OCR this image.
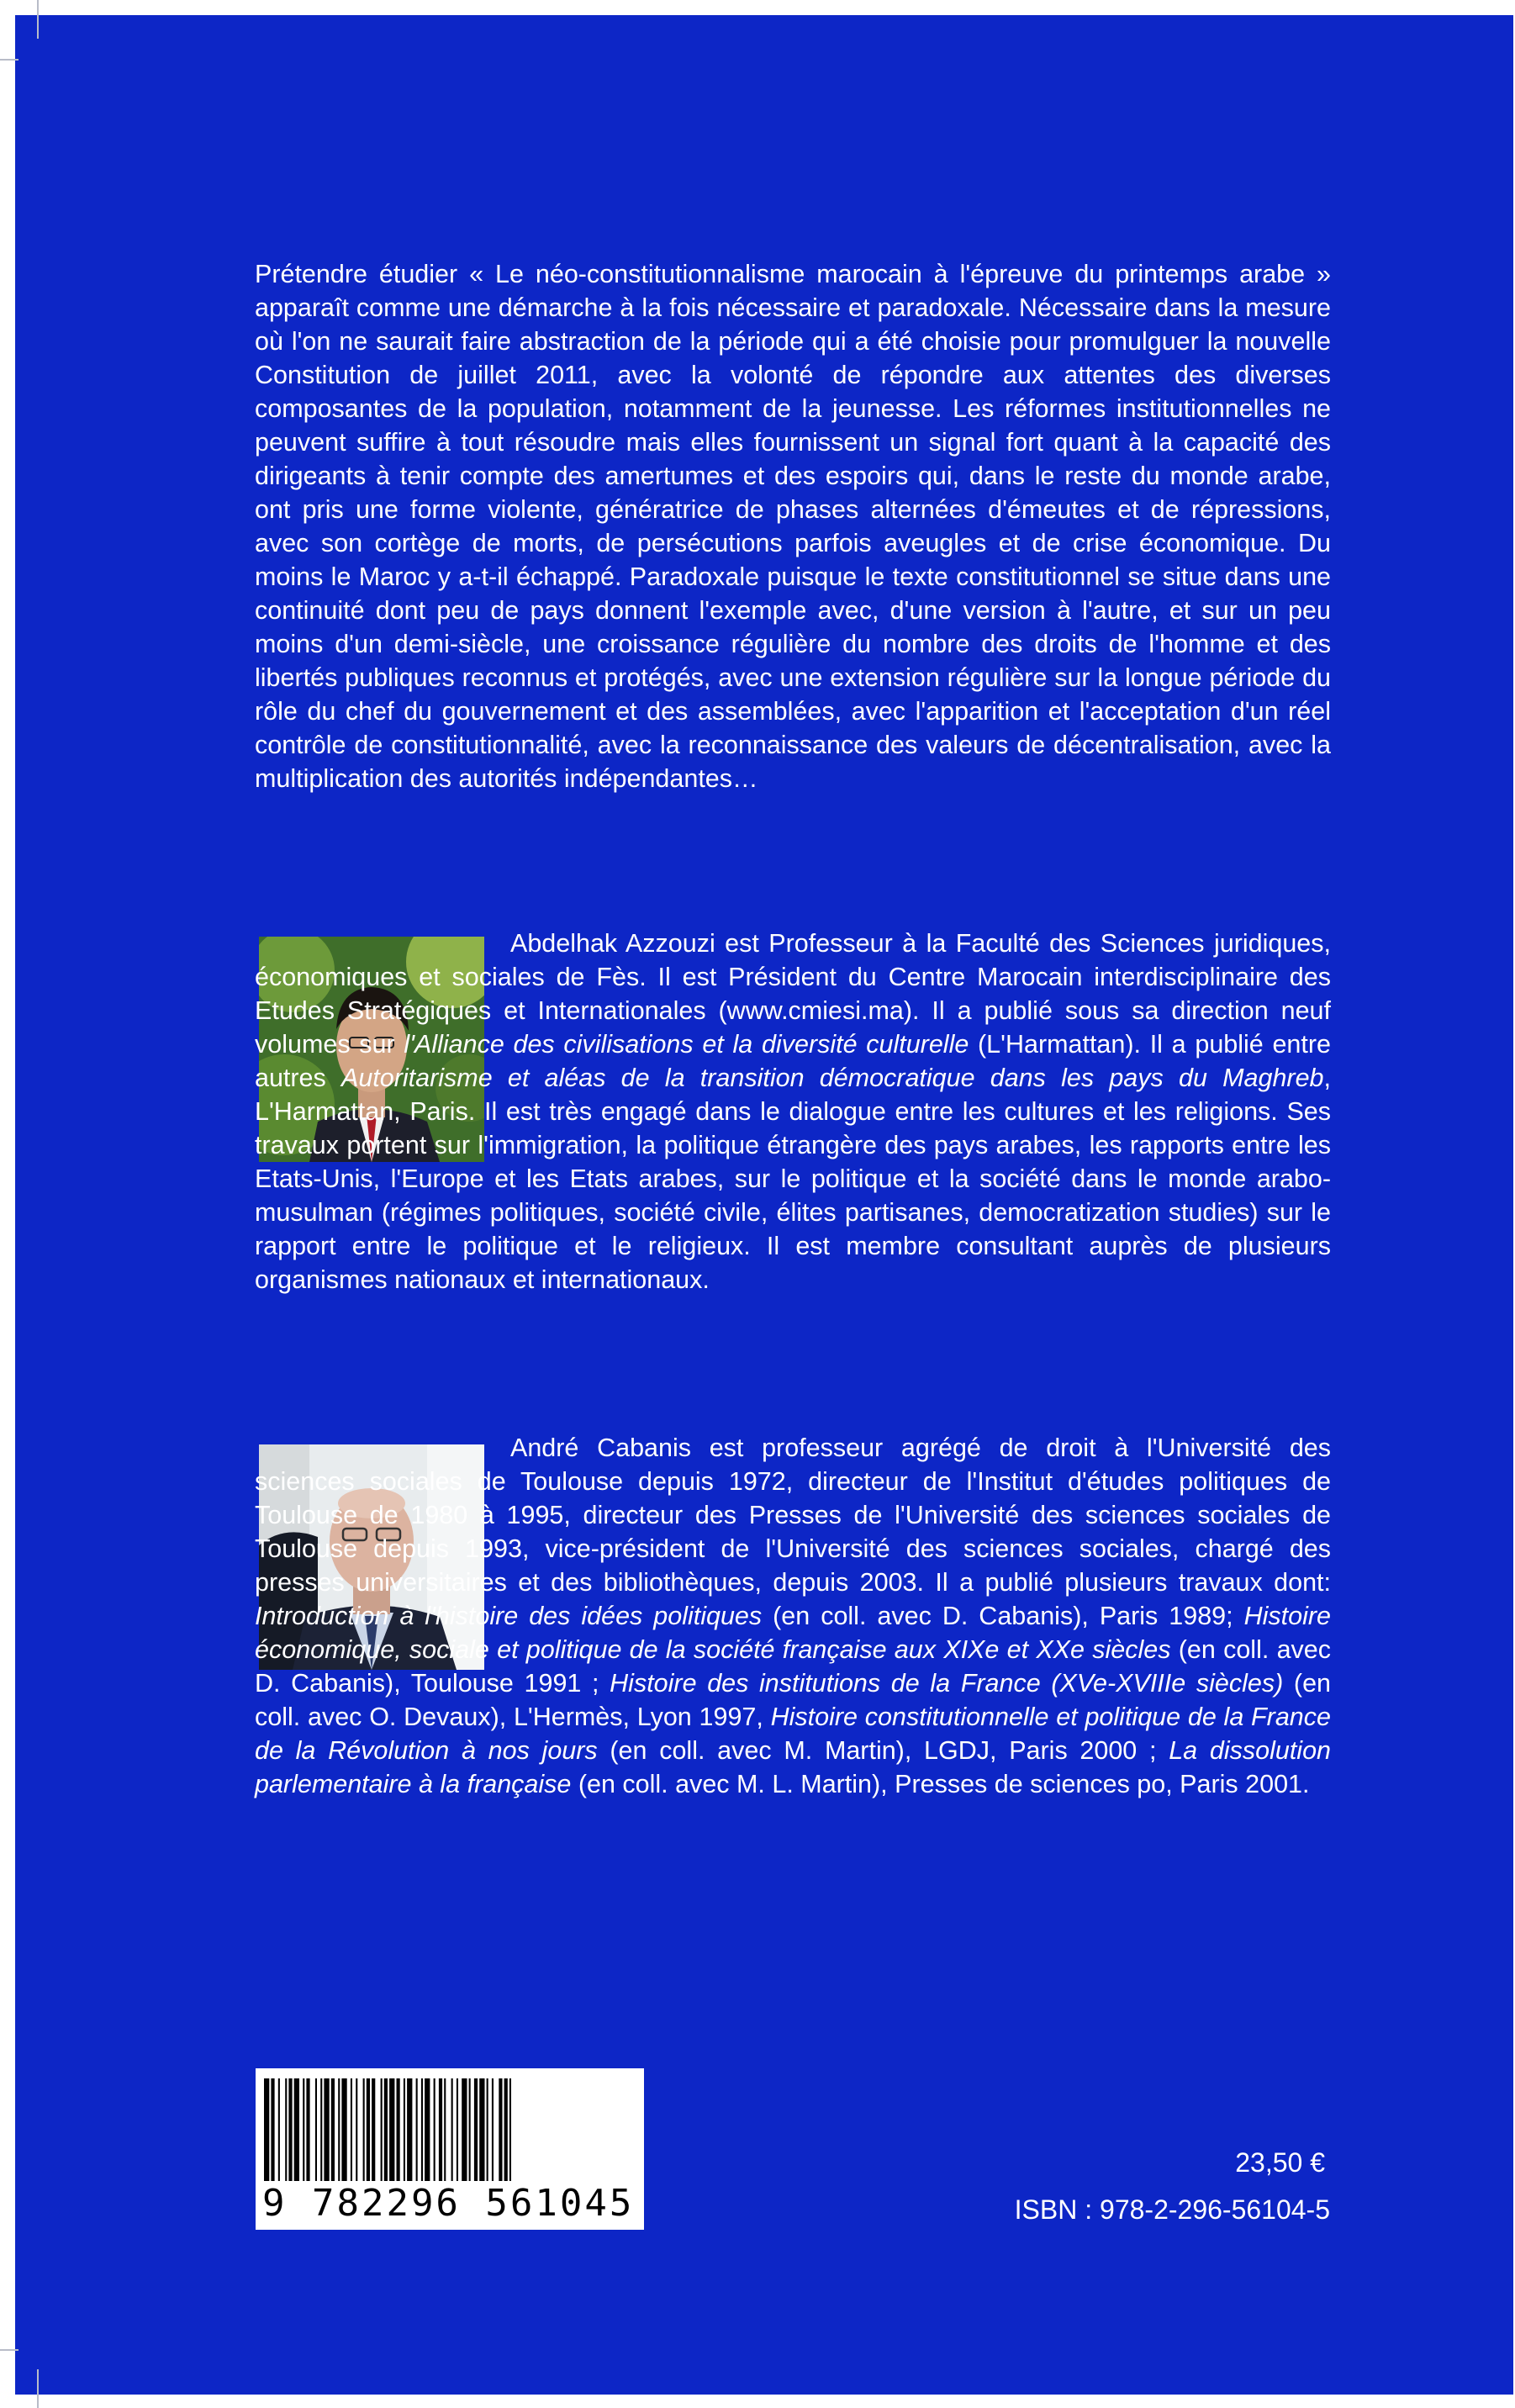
Prétendre étudier « Le néo-constitutionnalisme marocain à l'épreuve du printemps arabe » apparaît comme une démarche à la fois nécessaire et paradoxale. Nécessaire dans la mesure où l'on ne saurait faire abstraction de la période qui a été choisie pour promulguer la nouvelle Constitution de juillet 2011, avec la volonté de répondre aux attentes des diverses composantes de la population, notamment de la jeunesse. Les réformes institutionnelles ne peuvent suffire à tout résoudre mais elles fournissent un signal fort quant à la capacité des dirigeants à tenir compte des amertumes et des espoirs qui, dans le reste du monde arabe, ont pris une forme violente, génératrice de phases alternées d'émeutes et de répressions, avec son cortège de morts, de persécutions parfois aveugles et de crise économique. Du moins le Maroc y a-t-il échappé. Paradoxale puisque le texte constitutionnel se situe dans une continuité dont peu de pays donnent l'exemple avec, d'une version à l'autre, et sur un peu moins d'un demi-siècle, une croissance régulière du nombre des droits de l'homme et des libertés publiques reconnus et protégés, avec une extension régulière sur la longue période du rôle du chef du gouvernement et des assemblées, avec l'apparition et l'acceptation d'un réel contrôle de constitutionnalité, avec la reconnaissance des valeurs de décentralisation, avec la multiplication des autorités indépendantes…

Abdelhak Azzouzi est Professeur à la Faculté des Sciences juridiques, économiques et sociales de Fès. Il est Président du Centre Marocain interdisciplinaire des Etudes Stratégiques et Internationales (www.cmiesi.ma). Il a publié sous sa direction neuf volumes sur l'Alliance des civilisations et la diversité culturelle (L'Harmattan). Il a publié entre autres Autoritarisme et aléas de la transition démocratique dans les pays du Maghreb, L'Harmattan, Paris. Il est très engagé dans le dialogue entre les cultures et les religions. Ses travaux portent sur l'immigration, la politique étrangère des pays arabes, les rapports entre les Etats-Unis, l'Europe et les Etats arabes, sur le politique et la société dans le monde arabo-musulman (régimes politiques, société civile, élites partisanes, democratization studies) sur le rapport entre le politique et le religieux. Il est membre consultant auprès de plusieurs organismes nationaux et internationaux.

André Cabanis est professeur agrégé de droit à l'Université des sciences sociales de Toulouse depuis 1972, directeur de l'Institut d'études politiques de Toulouse de 1980 à 1995, directeur des Presses de l'Université des sciences sociales de Toulouse depuis 1993, vice-président de l'Université des sciences sociales, chargé des presses universitaires et des bibliothèques, depuis 2003. Il a publié plusieurs travaux dont: Introduction à l'histoire des idées politiques (en coll. avec D. Cabanis), Paris 1989; Histoire économique, sociale et politique de la société française aux XIXe et XXe siècles (en coll. avec D. Cabanis), Toulouse 1991 ; Histoire des institutions de la France (XVe-XVIIIe siècles) (en coll. avec O. Devaux), L'Hermès, Lyon 1997, Histoire constitutionnelle et politique de la France de la Révolution à nos jours (en coll. avec M. Martin), LGDJ, Paris 2000 ; La dissolution parlementaire à la française (en coll. avec M. L. Martin), Presses de sciences po, Paris 2001.

9 782296 561045

23,50 €

ISBN : 978-2-296-56104-5
